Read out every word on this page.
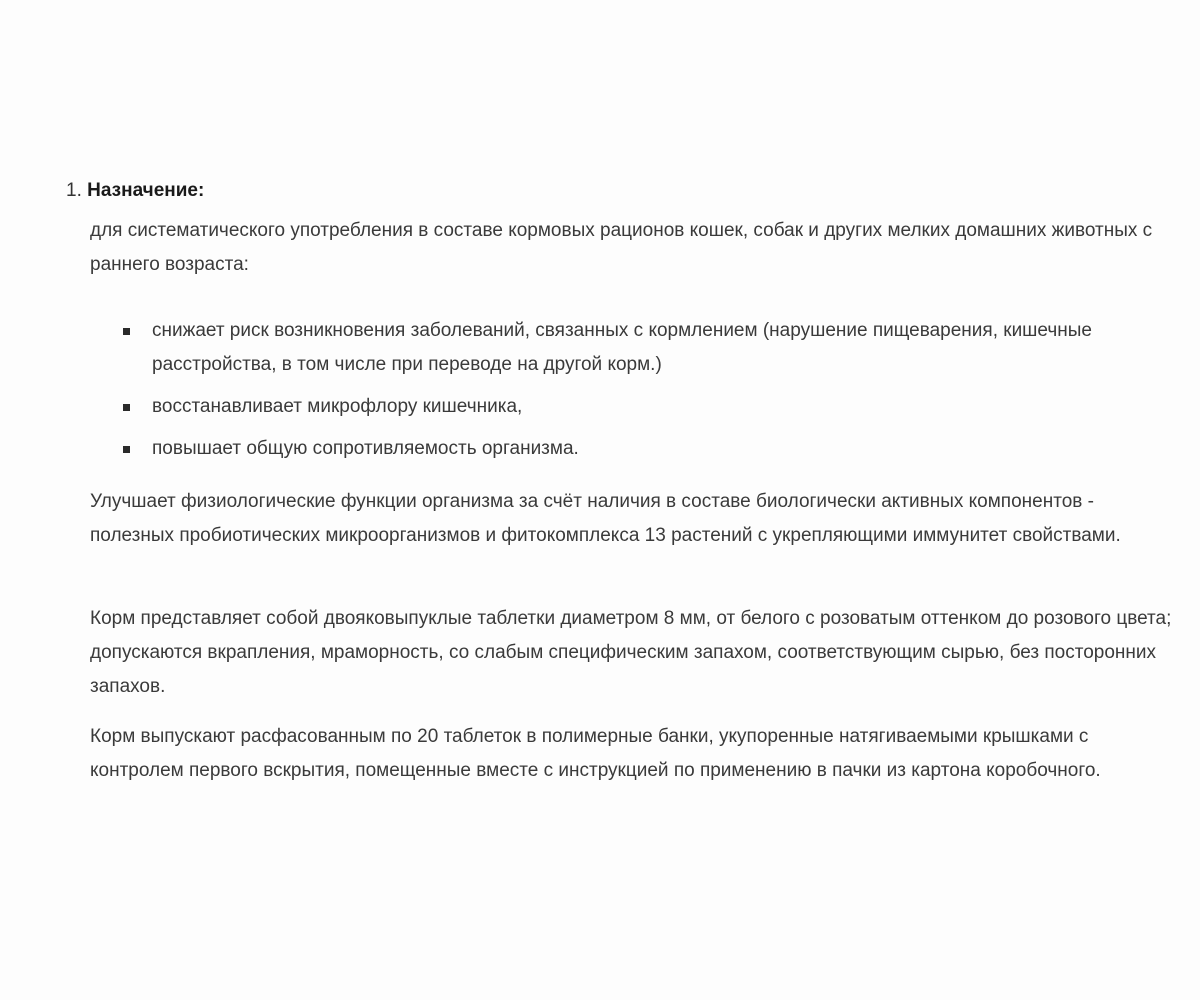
1. Назначение:

для систематического употребления в составе кормовых рационов кошек, собак и других мелких домашних животных с раннего возраста:

снижает риск возникновения заболеваний, связанных с кормлением (нарушение пищеварения, кишечные расстройства, в том числе при переводе на другой корм.)
восстанавливает микрофлору кишечника,
повышает общую сопротивляемость организма.

Улучшает физиологические функции организма за счёт наличия в составе биологически активных компонентов - полезных пробиотических микроорганизмов и фитокомплекса 13 растений с укрепляющими иммунитет свойствами.

Корм представляет собой двояковыпуклые таблетки диаметром 8 мм, от белого с розоватым оттенком до розового цвета; допускаются вкрапления, мраморность, со слабым специфическим запахом, соответствующим сырью, без посторонних запахов.

Корм выпускают расфасованным по 20 таблеток в полимерные банки, укупоренные натягиваемыми крышками с контролем первого вскрытия, помещенные вместе с инструкцией по применению в пачки из картона коробочного.
